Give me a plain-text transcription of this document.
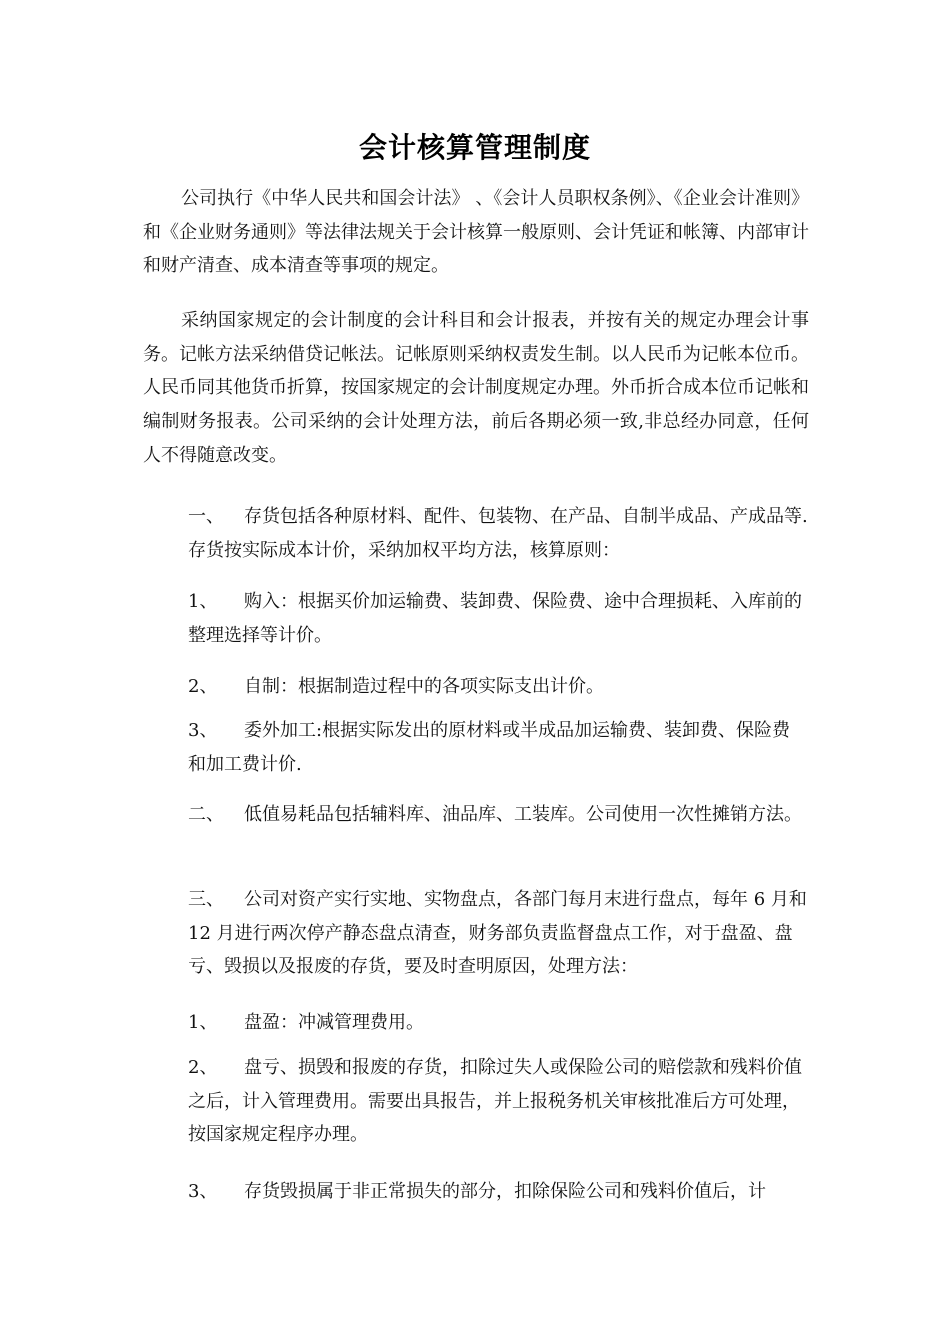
会计核算管理制度

公司执行《中华人民共和国会计法》 、《会计人员职权条例》、《企业会计准则》和《企业财务通则》等法律法规关于会计核算一般原则、会计凭证和帐簿、内部审计和财产清查、成本清查等事项的规定。

采纳国家规定的会计制度的会计科目和会计报表，并按有关的规定办理会计事务。记帐方法采纳借贷记帐法。记帐原则采纳权责发生制。以人民币为记帐本位币。人民币同其他货币折算，按国家规定的会计制度规定办理。外币折合成本位币记帐和编制财务报表。公司采纳的会计处理方法，前后各期必须一致,非总经办同意，任何人不得随意改变。

一、 存货包括各种原材料、配件、包装物、在产品、自制半成品、产成品等.存货按实际成本计价，采纳加权平均方法，核算原则：

1、 购入：根据买价加运输费、装卸费、保险费、途中合理损耗、入库前的整理选择等计价。

2、 自制：根据制造过程中的各项实际支出计价。

3、 委外加工:根据实际发出的原材料或半成品加运输费、装卸费、保险费和加工费计价.

二、 低值易耗品包括辅料库、油品库、工装库。公司使用一次性摊销方法。

三、 公司对资产实行实地、实物盘点，各部门每月末进行盘点，每年 6 月和 12 月进行两次停产静态盘点清查，财务部负责监督盘点工作，对于盘盈、盘亏、毁损以及报废的存货，要及时查明原因，处理方法：

1、 盘盈：冲减管理费用。

2、 盘亏、损毁和报废的存货，扣除过失人或保险公司的赔偿款和残料价值之后，计入管理费用。需要出具报告，并上报税务机关审核批准后方可处理，按国家规定程序办理。

3、 存货毁损属于非正常损失的部分，扣除保险公司和残料价值后，计
